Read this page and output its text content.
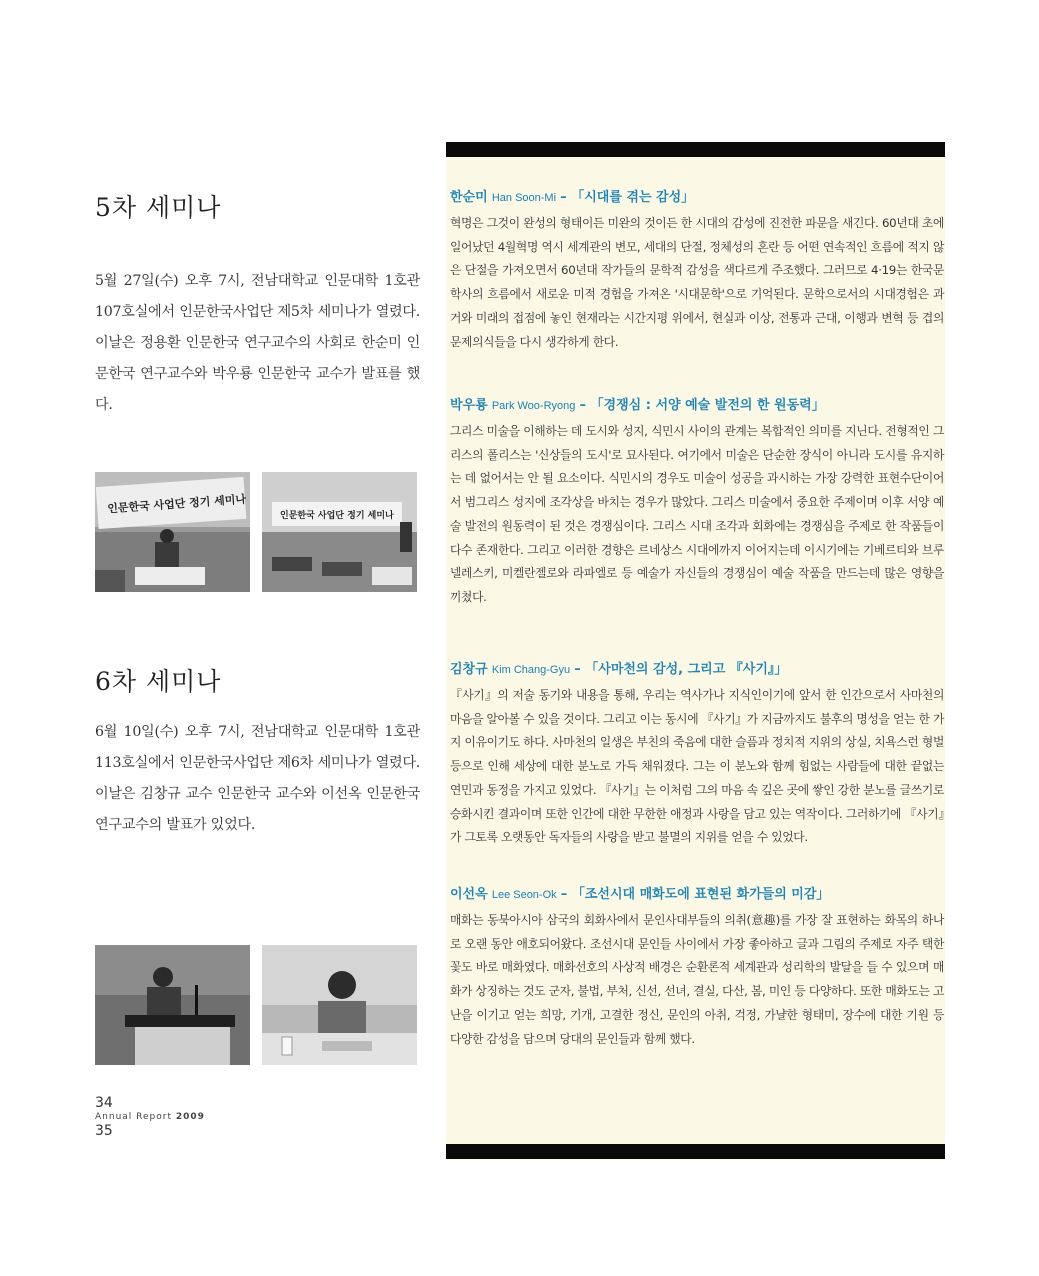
5차 세미나

5월 27일(수) 오후 7시, 전남대학교 인문대학 1호관 107호실에서 인문한국사업단 제5차 세미나가 열렸다. 이날은 정용환 인문한국 연구교수의 사회로 한순미 인문한국 연구교수와 박우룡 인문한국 교수가 발표를 했다.

인문한국 사업단 정기 세미나
인문한국 사업단 정기 세미나
6차 세미나

6월 10일(수) 오후 7시, 전남대학교 인문대학 1호관 113호실에서 인문한국사업단 제6차 세미나가 열렸다. 이날은 김창규 교수 인문한국 교수와 이선옥 인문한국 연구교수의 발표가 있었다.

한순미 Han Soon-Mi – 「시대를 겪는 감성」

혁명은 그것이 완성의 형태이든 미완의 것이든 한 시대의 감성에 진전한 파문을 새긴다. 60년대 초에 일어났던 4월혁명 역시 세계관의 변모, 세대의 단절, 정체성의 혼란 등 어떤 연속적인 흐름에 적지 않은 단절을 가져오면서 60년대 작가들의 문학적 감성을 색다르게 주조했다. 그러므로 4·19는 한국문학사의 흐름에서 새로운 미적 경험을 가져온 '시대문학'으로 기억된다. 문학으로서의 시대경험은 과거와 미래의 접점에 놓인 현재라는 시간지평 위에서, 현실과 이상, 전통과 근대, 이행과 변혁 등 겹의 문제의식들을 다시 생각하게 한다.

박우룡 Park Woo-Ryong – 「경쟁심 : 서양 예술 발전의 한 원동력」

그리스 미술을 이해하는 데 도시와 성지, 식민시 사이의 관계는 복합적인 의미를 지닌다. 전형적인 그리스의 폴리스는 '신상들의 도시'로 묘사된다. 여기에서 미술은 단순한 장식이 아니라 도시를 유지하는 데 없어서는 안 될 요소이다. 식민시의 경우도 미술이 성공을 과시하는 가장 강력한 표현수단이어서 범그리스 성지에 조각상을 바치는 경우가 많았다. 그리스 미술에서 중요한 주제이며 이후 서양 예술 발전의 원동력이 된 것은 경쟁심이다. 그리스 시대 조각과 회화에는 경쟁심을 주제로 한 작품들이 다수 존재한다. 그리고 이러한 경향은 르네상스 시대에까지 이어지는데 이시기에는 기베르티와 브루넬레스키, 미켈란젤로와 라파엘로 등 예술가 자신들의 경쟁심이 예술 작품을 만드는데 많은 영향을 끼쳤다.

김창규 Kim Chang-Gyu – 「사마천의 감성, 그리고 『사기』」

『사기』의 저술 동기와 내용을 통해, 우리는 역사가나 지식인이기에 앞서 한 인간으로서 사마천의 마음을 알아볼 수 있을 것이다. 그리고 이는 동시에 『사기』가 지금까지도 불후의 명성을 얻는 한 가지 이유이기도 하다. 사마천의 일생은 부친의 죽음에 대한 슬픔과 정치적 지위의 상실, 치욕스런 형벌 등으로 인해 세상에 대한 분노로 가득 채워졌다. 그는 이 분노와 함께 힘없는 사람들에 대한 끝없는 연민과 동정을 가지고 있었다. 『사기』는 이처럼 그의 마음 속 깊은 곳에 쌓인 강한 분노를 글쓰기로 승화시킨 결과이며 또한 인간에 대한 무한한 애정과 사랑을 담고 있는 역작이다. 그러하기에 『사기』가 그토록 오랫동안 독자들의 사랑을 받고 불멸의 지위를 얻을 수 있었다.

이선옥 Lee Seon-Ok – 「조선시대 매화도에 표현된 화가들의 미감」

매화는 동북아시아 삼국의 회화사에서 문인사대부들의 의취(意趣)를 가장 잘 표현하는 화목의 하나로 오랜 동안 애호되어왔다. 조선시대 문인들 사이에서 가장 좋아하고 글과 그림의 주제로 자주 택한 꽃도 바로 매화였다. 매화선호의 사상적 배경은 순환론적 세계관과 성리학의 발달을 들 수 있으며 매화가 상징하는 것도 군자, 불법, 부처, 신선, 선녀, 결실, 다산, 봄, 미인 등 다양하다. 또한 매화도는 고난을 이기고 얻는 희망, 기개, 고결한 정신, 문인의 아취, 걱정, 가냘한 형태미, 장수에 대한 기원 등 다양한 감성을 담으며 당대의 문인들과 함께 했다.

34
Annual Report 2009
35
